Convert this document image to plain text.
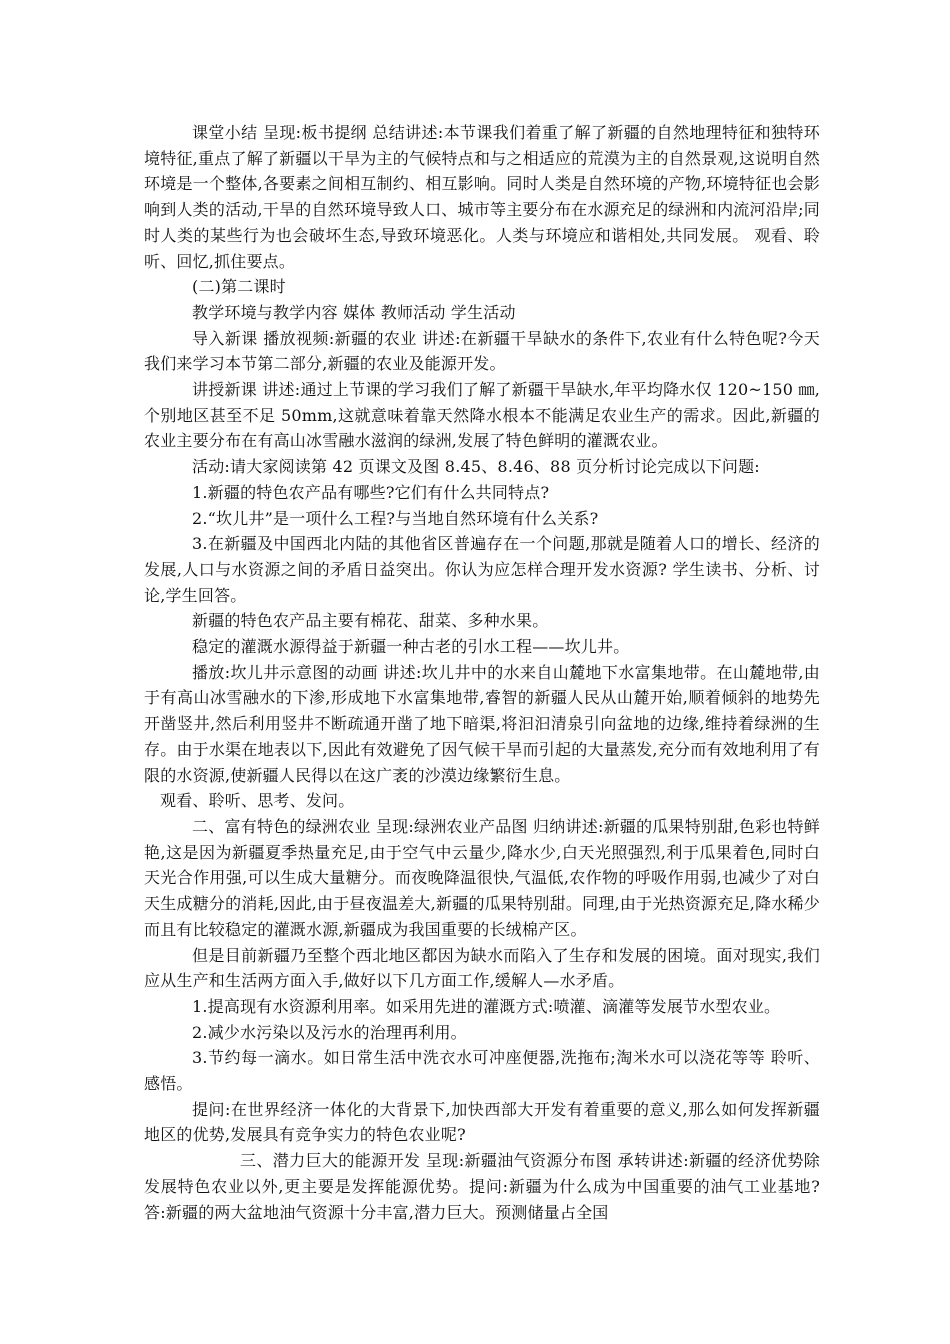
课堂小结 呈现:板书提纲 总结讲述:本节课我们着重了解了新疆的自然地理特征和独特环境特征,重点了解了新疆以干旱为主的气候特点和与之相适应的荒漠为主的自然景观,这说明自然环境是一个整体,各要素之间相互制约、相互影响。同时人类是自然环境的产物,环境特征也会影响到人类的活动,干旱的自然环境导致人口、城市等主要分布在水源充足的绿洲和内流河沿岸;同时人类的某些行为也会破坏生态,导致环境恶化。人类与环境应和谐相处,共同发展。 观看、聆听、回忆,抓住要点。

(二)第二课时

教学环境与教学内容 媒体 教师活动 学生活动

导入新课 播放视频:新疆的农业 讲述:在新疆干旱缺水的条件下,农业有什么特色呢?今天我们来学习本节第二部分,新疆的农业及能源开发。

讲授新课 讲述:通过上节课的学习我们了解了新疆干旱缺水,年平均降水仅 120~150 ㎜,个别地区甚至不足 50mm,这就意味着靠天然降水根本不能满足农业生产的需求。因此,新疆的农业主要分布在有高山冰雪融水滋润的绿洲,发展了特色鲜明的灌溉农业。

活动:请大家阅读第 42 页课文及图 8.45、8.46、88 页分析讨论完成以下问题:

1.新疆的特色农产品有哪些?它们有什么共同特点?

2.“坎儿井”是一项什么工程?与当地自然环境有什么关系?

3.在新疆及中国西北内陆的其他省区普遍存在一个问题,那就是随着人口的增长、经济的发展,人口与水资源之间的矛盾日益突出。你认为应怎样合理开发水资源? 学生读书、分析、讨论,学生回答。

新疆的特色农产品主要有棉花、甜菜、多种水果。

稳定的灌溉水源得益于新疆一种古老的引水工程——坎儿井。

播放:坎儿井示意图的动画 讲述:坎儿井中的水来自山麓地下水富集地带。在山麓地带,由于有高山冰雪融水的下渗,形成地下水富集地带,睿智的新疆人民从山麓开始,顺着倾斜的地势先开凿竖井,然后利用竖井不断疏通开凿了地下暗渠,将汩汩清泉引向盆地的边缘,维持着绿洲的生存。由于水渠在地表以下,因此有效避免了因气候干旱而引起的大量蒸发,充分而有效地利用了有限的水资源,使新疆人民得以在这广袤的沙漠边缘繁衍生息。

观看、聆听、思考、发问。

二、富有特色的绿洲农业 呈现:绿洲农业产品图 归纳讲述:新疆的瓜果特别甜,色彩也特鲜艳,这是因为新疆夏季热量充足,由于空气中云量少,降水少,白天光照强烈,利于瓜果着色,同时白天光合作用强,可以生成大量糖分。而夜晚降温很快,气温低,农作物的呼吸作用弱,也减少了对白天生成糖分的消耗,因此,由于昼夜温差大,新疆的瓜果特别甜。同理,由于光热资源充足,降水稀少而且有比较稳定的灌溉水源,新疆成为我国重要的长绒棉产区。

但是目前新疆乃至整个西北地区都因为缺水而陷入了生存和发展的困境。面对现实,我们应从生产和生活两方面入手,做好以下几方面工作,缓解人—水矛盾。

1.提高现有水资源利用率。如采用先进的灌溉方式:喷灌、滴灌等发展节水型农业。

2.减少水污染以及污水的治理再利用。

3.节约每一滴水。如日常生活中洗衣水可冲座便器,洗拖布;淘米水可以浇花等等 聆听、感悟。

提问:在世界经济一体化的大背景下,加快西部大开发有着重要的意义,那么如何发挥新疆地区的优势,发展具有竞争实力的特色农业呢?

三、潜力巨大的能源开发 呈现:新疆油气资源分布图 承转讲述:新疆的经济优势除发展特色农业以外,更主要是发挥能源优势。提问:新疆为什么成为中国重要的油气工业基地? 答:新疆的两大盆地油气资源十分丰富,潜力巨大。预测储量占全国
